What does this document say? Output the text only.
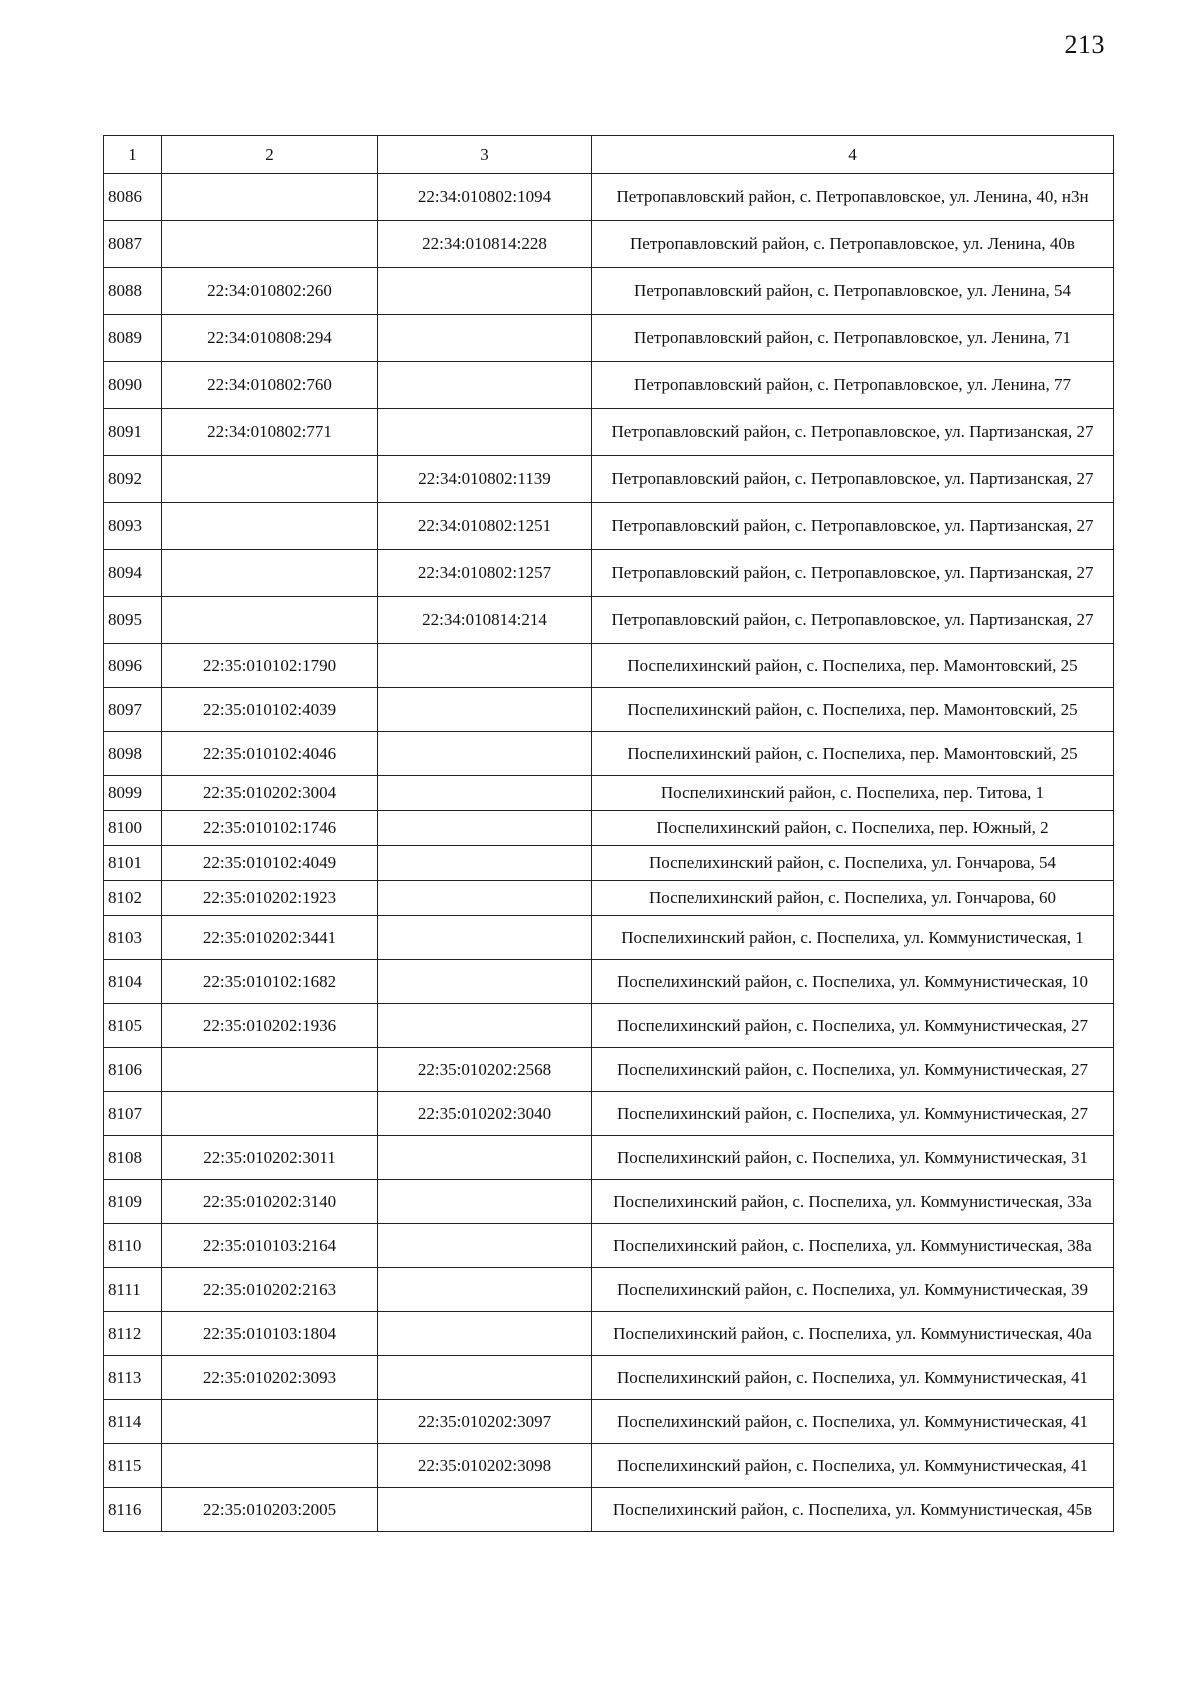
213
1	2	3	4
8086		22:34:010802:1094	Петропавловский район, с. Петропавловское, ул. Ленина, 40, н3н
8087		22:34:010814:228	Петропавловский район, с. Петропавловское, ул. Ленина, 40в
8088	22:34:010802:260		Петропавловский район, с. Петропавловское, ул. Ленина, 54
8089	22:34:010808:294		Петропавловский район, с. Петропавловское, ул. Ленина, 71
8090	22:34:010802:760		Петропавловский район, с. Петропавловское, ул. Ленина, 77
8091	22:34:010802:771		Петропавловский район, с. Петропавловское, ул. Партизанская, 27
8092		22:34:010802:1139	Петропавловский район, с. Петропавловское, ул. Партизанская, 27
8093		22:34:010802:1251	Петропавловский район, с. Петропавловское, ул. Партизанская, 27
8094		22:34:010802:1257	Петропавловский район, с. Петропавловское, ул. Партизанская, 27
8095		22:34:010814:214	Петропавловский район, с. Петропавловское, ул. Партизанская, 27
8096	22:35:010102:1790		Поспелихинский район, с. Поспелиха, пер. Мамонтовский, 25
8097	22:35:010102:4039		Поспелихинский район, с. Поспелиха, пер. Мамонтовский, 25
8098	22:35:010102:4046		Поспелихинский район, с. Поспелиха, пер. Мамонтовский, 25
8099	22:35:010202:3004		Поспелихинский район, с. Поспелиха, пер. Титова, 1
8100	22:35:010102:1746		Поспелихинский район, с. Поспелиха, пер. Южный, 2
8101	22:35:010102:4049		Поспелихинский район, с. Поспелиха, ул. Гончарова, 54
8102	22:35:010202:1923		Поспелихинский район, с. Поспелиха, ул. Гончарова, 60
8103	22:35:010202:3441		Поспелихинский район, с. Поспелиха, ул. Коммунистическая, 1
8104	22:35:010102:1682		Поспелихинский район, с. Поспелиха, ул. Коммунистическая, 10
8105	22:35:010202:1936		Поспелихинский район, с. Поспелиха, ул. Коммунистическая, 27
8106		22:35:010202:2568	Поспелихинский район, с. Поспелиха, ул. Коммунистическая, 27
8107		22:35:010202:3040	Поспелихинский район, с. Поспелиха, ул. Коммунистическая, 27
8108	22:35:010202:3011		Поспелихинский район, с. Поспелиха, ул. Коммунистическая, 31
8109	22:35:010202:3140		Поспелихинский район, с. Поспелиха, ул. Коммунистическая, 33а
8110	22:35:010103:2164		Поспелихинский район, с. Поспелиха, ул. Коммунистическая, 38а
8111	22:35:010202:2163		Поспелихинский район, с. Поспелиха, ул. Коммунистическая, 39
8112	22:35:010103:1804		Поспелихинский район, с. Поспелиха, ул. Коммунистическая, 40а
8113	22:35:010202:3093		Поспелихинский район, с. Поспелиха, ул. Коммунистическая, 41
8114		22:35:010202:3097	Поспелихинский район, с. Поспелиха, ул. Коммунистическая, 41
8115		22:35:010202:3098	Поспелихинский район, с. Поспелиха, ул. Коммунистическая, 41
8116	22:35:010203:2005		Поспелихинский район, с. Поспелиха, ул. Коммунистическая, 45в
